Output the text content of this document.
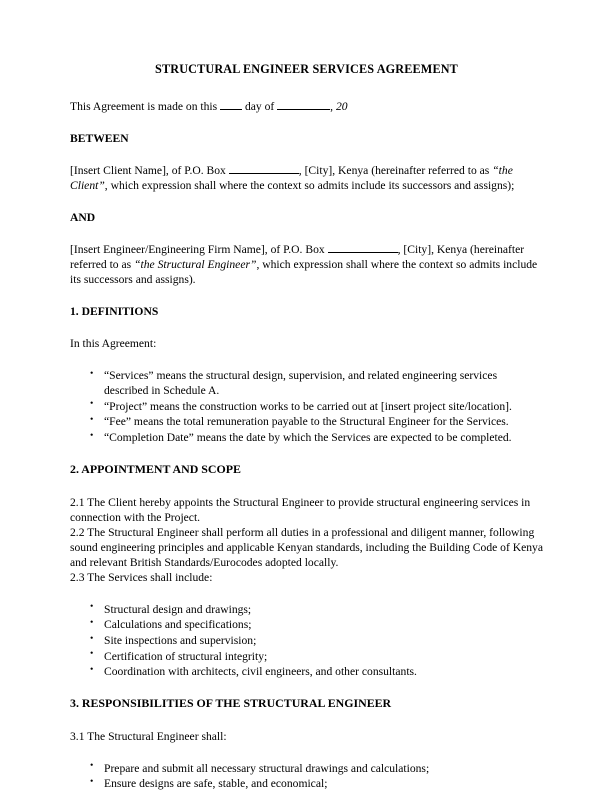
STRUCTURAL ENGINEER SERVICES AGREEMENT
This Agreement is made on this day of	, 20
BETWEEN
[Insert Client Name], of P.O. Box	, [City], Kenya (hereinafter referred to as “the Client”, which expression shall where the context so admits include its successors and assigns);
AND
[Insert Engineer/Engineering Firm Name], of P.O. Box	, [City], Kenya (hereinafter referred to as “the Structural Engineer”, which expression shall where the context so admits include its successors and assigns).
1. DEFINITIONS
In this Agreement:
• “Services” means the structural design, supervision, and related engineering services described in Schedule A.
• “Project” means the construction works to be carried out at [insert project site/location].
• “Fee” means the total remuneration payable to the Structural Engineer for the Services.
• “Completion Date” means the date by which the Services are expected to be completed.
2. APPOINTMENT AND SCOPE
2.1 The Client hereby appoints the Structural Engineer to provide structural engineering services in connection with the Project.
2.2 The Structural Engineer shall perform all duties in a professional and diligent manner, following sound engineering principles and applicable Kenyan standards, including the Building Code of Kenya and relevant British Standards/Eurocodes adopted locally.
2.3 The Services shall include:
• Structural design and drawings;
• Calculations and specifications;
• Site inspections and supervision;
• Certification of structural integrity;
• Coordination with architects, civil engineers, and other consultants.
3. RESPONSIBILITIES OF THE STRUCTURAL ENGINEER
3.1 The Structural Engineer shall:
• Prepare and submit all necessary structural drawings and calculations;
• Ensure designs are safe, stable, and economical;
